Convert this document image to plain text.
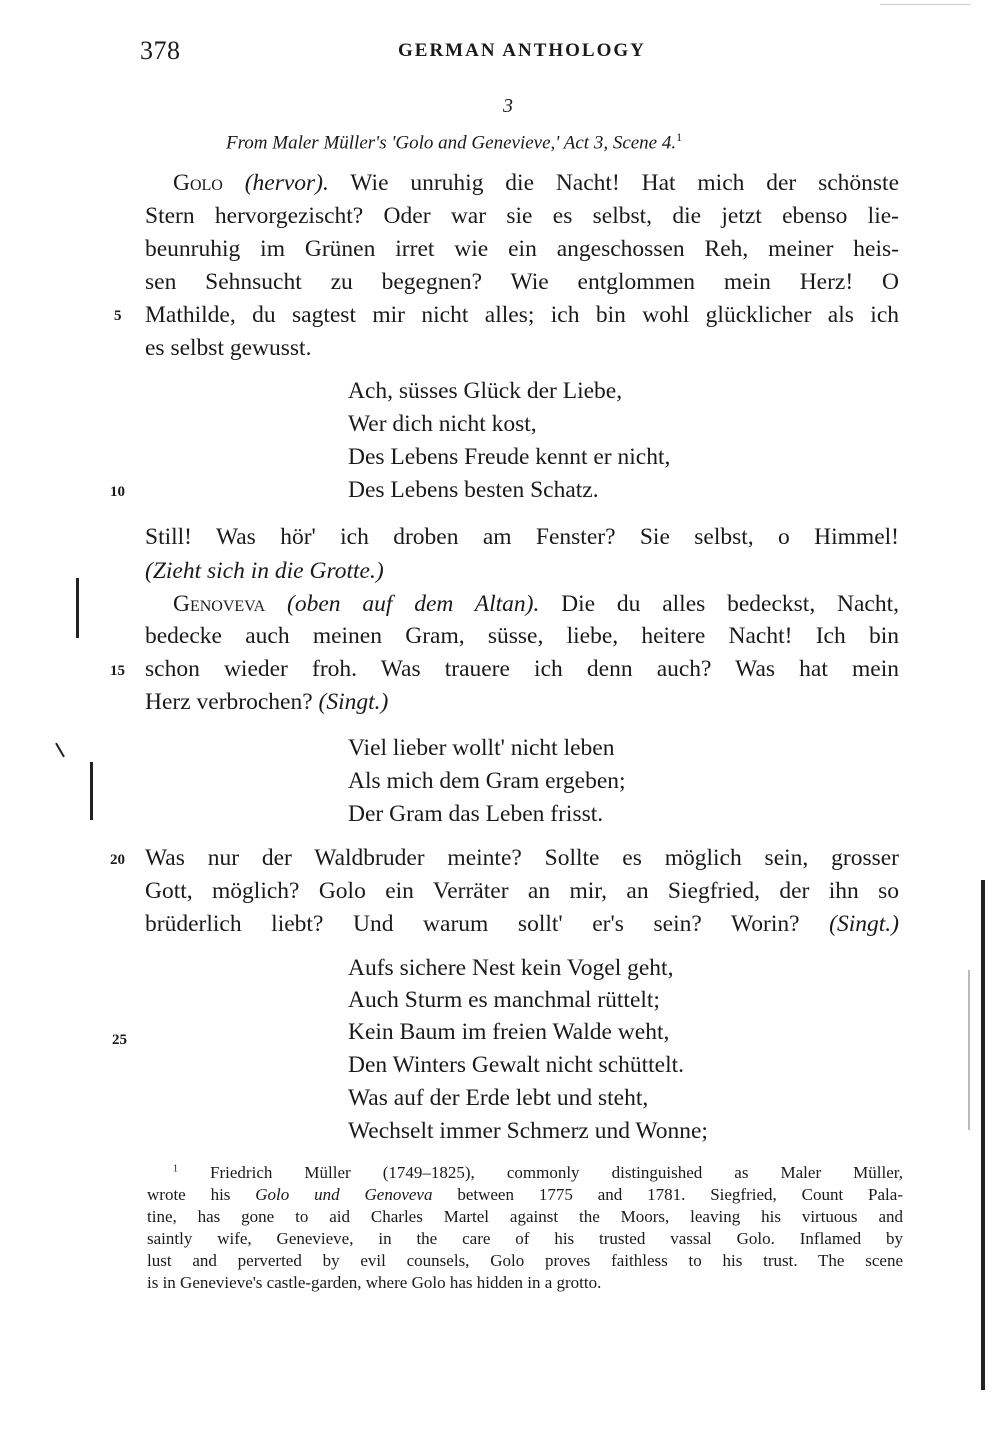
378	GERMAN ANTHOLOGY
3
From Maler Müller's 'Golo and Genevieve,' Act 3, Scene 4.$^1$
Golo (hervor). Wie unruhig die Nacht! Hat mich der schönste
Stern hervorgezischt? Oder war sie es selbst, die jetzt ebenso lie-
beunruhig im Grünen irret wie ein angeschossen Reh, meiner heis-
sen Sehnsucht zu begegnen? Wie entglommen mein Herz! O
Mathilde, du sagtest mir nicht alles; ich bin wohl glücklicher als ich
es selbst gewusst.
Ach, süsses Glück der Liebe,
Wer dich nicht kost,
Des Lebens Freude kennt er nicht,
Des Lebens besten Schatz.
Still! Was hör' ich droben am Fenster? Sie selbst, o Himmel!
(Zieht sich in die Grotte.)
Genoveva (oben auf dem Altan). Die du alles bedeckst, Nacht,
bedecke auch meinen Gram, süsse, liebe, heitere Nacht! Ich bin
schon wieder froh. Was trauere ich denn auch? Was hat mein
Herz verbrochen? (Singt.)
Viel lieber wollt' nicht leben
Als mich dem Gram ergeben;
Der Gram das Leben frisst.
Was nur der Waldbruder meinte? Sollte es möglich sein, grosser
Gott, möglich? Golo ein Verräter an mir, an Siegfried, der ihn so
brüderlich liebt? Und warum sollt' er's sein? Worin? (Singt.)
Aufs sichere Nest kein Vogel geht,
Auch Sturm es manchmal rüttelt;
Kein Baum im freien Walde weht,
Den Winters Gewalt nicht schüttelt.
Was auf der Erde lebt und steht,
Wechselt immer Schmerz und Wonne;
5
10
15
20
25
$^1$ Friedrich Müller (1749–1825), commonly distinguished as Maler Müller,
wrote his Golo und Genoveva between 1775 and 1781. Siegfried, Count Pala-
tine, has gone to aid Charles Martel against the Moors, leaving his virtuous and
saintly wife, Genevieve, in the care of his trusted vassal Golo. Inflamed by
lust and perverted by evil counsels, Golo proves faithless to his trust. The scene
is in Genevieve's castle-garden, where Golo has hidden in a grotto.
